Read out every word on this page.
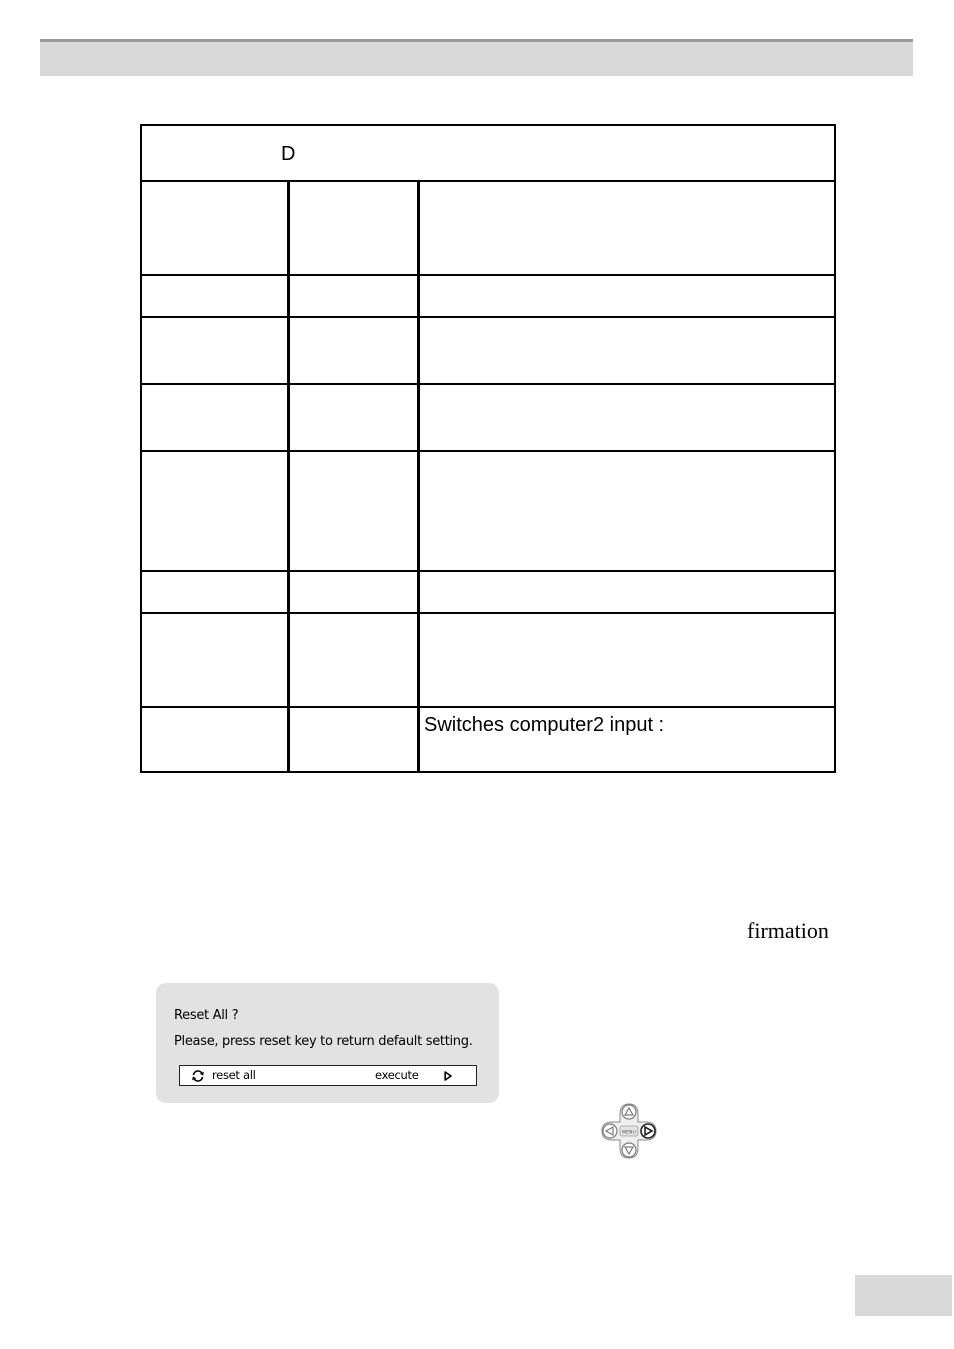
D
Switches computer2 input :
firmation
Reset All ?
Please, press reset key to return default setting.
reset all	execute
MENU
